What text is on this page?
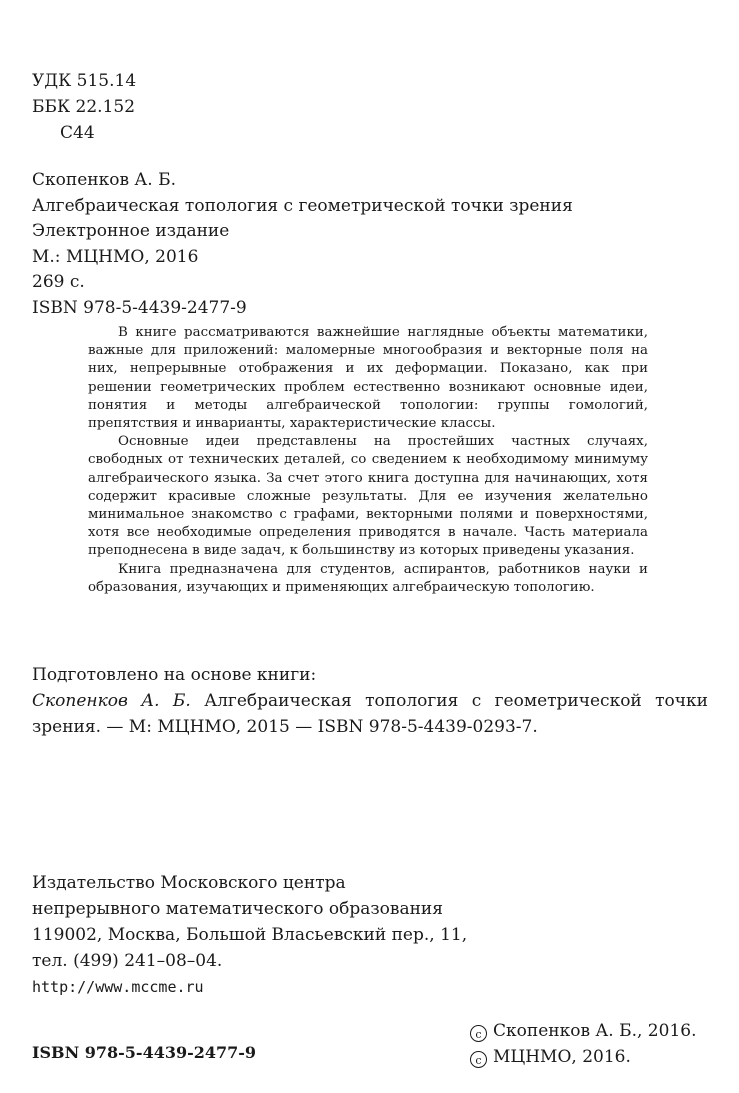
УДК 515.14
ББК 22.152
С44
Скопенков А. Б.
Алгебраическая топология с геометрической точки зрения
Электронное издание
М.: МЦНМО, 2016
269 с.
ISBN 978-5-4439-2477-9

В книге рассматриваются важнейшие наглядные объекты математики, важные для приложений: маломерные многообразия и векторные поля на них, непрерывные отображения и их деформации. Показано, как при решении геометрических проблем естественно возникают основные идеи, понятия и методы алгебраической топологии: группы гомологий, препятствия и инварианты, характеристические классы.

Основные идеи представлены на простейших частных случаях, свободных от технических деталей, со сведением к необходимому минимуму алгебраического языка. За счет этого книга доступна для начинающих, хотя содержит красивые сложные результаты. Для ее изучения желательно минимальное знакомство с графами, векторными полями и поверхностями, хотя все необходимые определения приводятся в начале. Часть материала преподнесена в виде задач, к большинству из которых приведены указания.

Книга предназначена для студентов, аспирантов, работников науки и образования, изучающих и применяющих алгебраическую топологию.

Подготовлено на основе книги:
Скопенков А. Б. Алгебраическая топология с геометрической точки зрения. — М: МЦНМО, 2015 — ISBN 978-5-4439-0293-7.
Издательство Московского центра
непрерывного математического образования
119002, Москва, Большой Власьевский пер., 11,
тел. (499) 241–08–04.
http://www.mccme.ru
ISBN 978-5-4439-2477-9
c Скопенков А. Б., 2016.
c МЦНМО, 2016.
